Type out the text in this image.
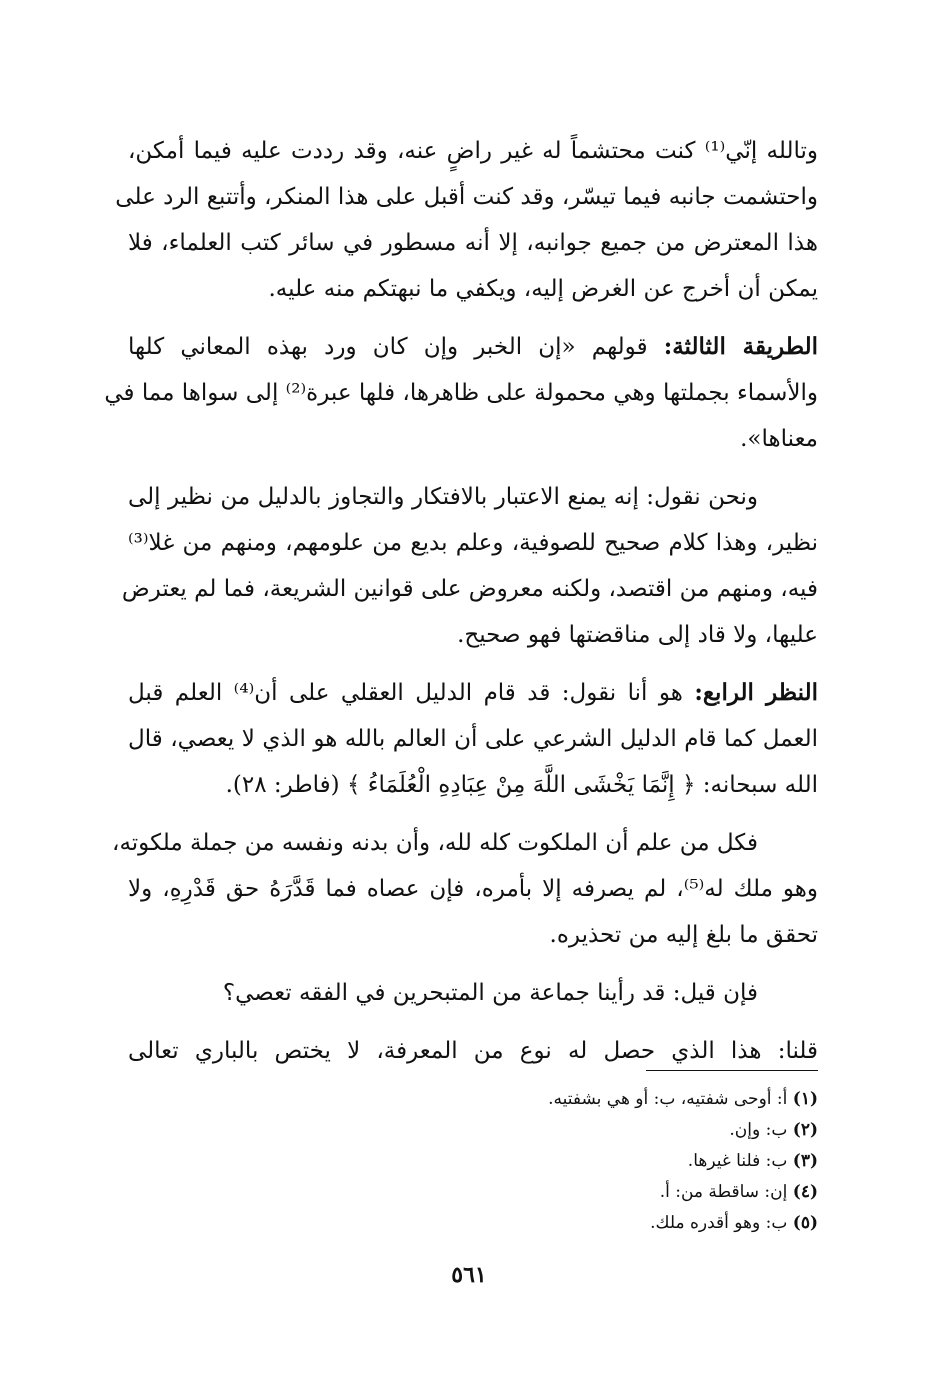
وتالله إنّي⁽¹⁾ كنت محتشماً له غير راضٍ عنه، وقد رددت عليه فيما أمكن،
واحتشمت جانبه فيما تيسّر، وقد كنت أقبل على هذا المنكر، وأتتبع الرد على
هذا المعترض من جميع جوانبه، إلا أنه مسطور في سائر كتب العلماء، فلا
يمكن أن أخرج عن الغرض إليه، ويكفي ما نبهتكم منه عليه.
الطريقة الثالثة: قولهم «إن الخبر وإن كان ورد بهذه المعاني كلها
والأسماء بجملتها وهي محمولة على ظاهرها، فلها عبرة⁽²⁾ إلى سواها مما في
معناها».
ونحن نقول: إنه يمنع الاعتبار بالافتكار والتجاوز بالدليل من نظير إلى
نظير، وهذا كلام صحيح للصوفية، وعلم بديع من علومهم، ومنهم من غلا⁽³⁾
فيه، ومنهم من اقتصد، ولكنه معروض على قوانين الشريعة، فما لم يعترض
عليها، ولا قاد إلى مناقضتها فهو صحيح.
النظر الرابع: هو أنا نقول: قد قام الدليل العقلي على أن⁽⁴⁾ العلم قبل
العمل كما قام الدليل الشرعي على أن العالم بالله هو الذي لا يعصي، قال
الله سبحانه: ﴿ إِنَّمَا يَخْشَى اللَّهَ مِنْ عِبَادِهِ الْعُلَمَاءُ ﴾ (فاطر: ٢٨).
فكل من علم أن الملكوت كله لله، وأن بدنه ونفسه من جملة ملكوته،
وهو ملك له⁽⁵⁾، لم يصرفه إلا بأمره، فإن عصاه فما قَدَّرَهُ حق قَدْرِهِ، ولا
تحقق ما بلغ إليه من تحذيره.
فإن قيل: قد رأينا جماعة من المتبحرين في الفقه تعصي؟
قلنا: هذا الذي حصل له نوع من المعرفة، لا يختص بالباري تعالى
(١) أ: أوحى شفتيه، ب: أو هي بشفتيه.
(٢) ب: وإن.
(٣) ب: فلنا غيرها.
(٤) إن: ساقطة من: أ.
(٥) ب: وهو أقدره ملك.
٥٦١
